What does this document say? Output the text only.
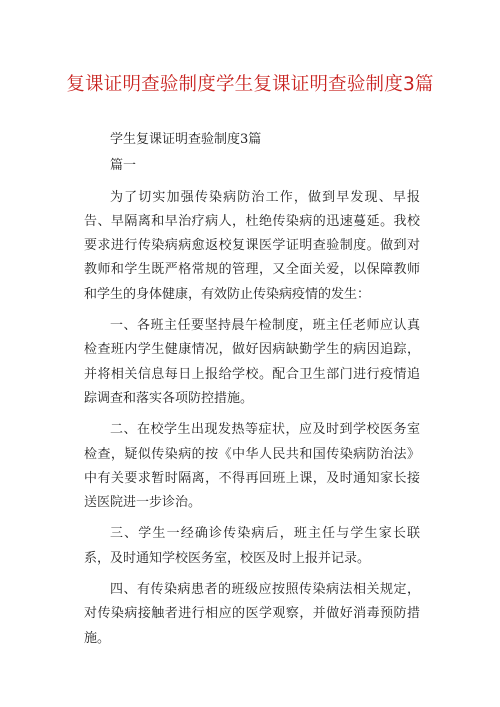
复课证明查验制度学生复课证明查验制度3篇

学生复课证明查验制度3篇

篇一

为了切实加强传染病防治工作，做到早发现、早报告、早隔离和早治疗病人，杜绝传染病的迅速蔓延。我校要求进行传染病病愈返校复课医学证明查验制度。做到对教师和学生既严格常规的管理，又全面关爱，以保障教师和学生的身体健康，有效防止传染病疫情的发生：

一、各班主任要坚持晨午检制度，班主任老师应认真检查班内学生健康情况，做好因病缺勤学生的病因追踪，并将相关信息每日上报给学校。配合卫生部门进行疫情追踪调查和落实各项防控措施。

二、在校学生出现发热等症状，应及时到学校医务室检查，疑似传染病的按《中华人民共和国传染病防治法》中有关要求暂时隔离，不得再回班上课，及时通知家长接送医院进一步诊治。

三、学生一经确诊传染病后，班主任与学生家长联系，及时通知学校医务室，校医及时上报并记录。

四、有传染病患者的班级应按照传染病法相关规定，对传染病接触者进行相应的医学观察，并做好消毒预防措施。
